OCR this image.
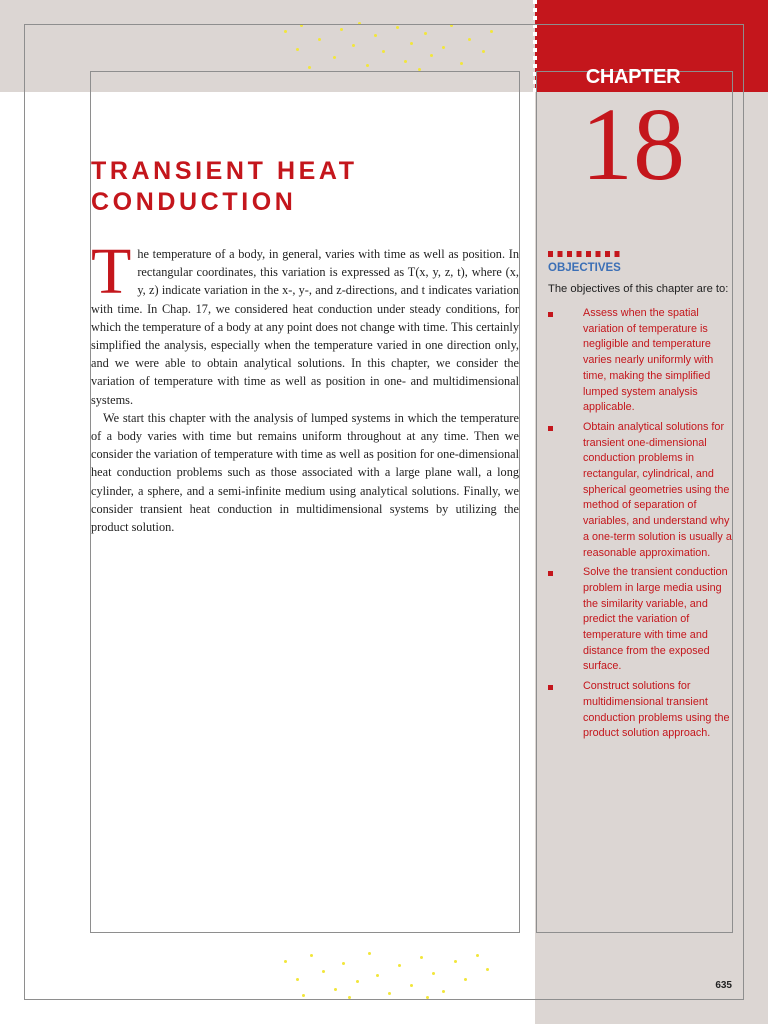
CHAPTER
18
TRANSIENT HEAT CONDUCTION
T he temperature of a body, in general, varies with time as well as position. In rectangular coordinates, this variation is expressed as T(x, y, z, t), where (x, y, z) indicate variation in the x-, y-, and z-directions, and t indicates variation with time. In Chap. 17, we considered heat conduction under steady conditions, for which the temperature of a body at any point does not change with time. This certainly simplified the analysis, especially when the temperature varied in one direction only, and we were able to obtain analytical solutions. In this chapter, we consider the variation of temperature with time as well as position in one- and multidimensional systems.

We start this chapter with the analysis of lumped systems in which the temperature of a body varies with time but remains uniform throughout at any time. Then we consider the variation of temperature with time as well as position for one-dimensional heat conduction problems such as those associated with a large plane wall, a long cylinder, a sphere, and a semi-infinite medium using analytical solutions. Finally, we consider transient heat conduction in multidimensional systems by utilizing the product solution.

OBJECTIVES
The objectives of this chapter are to:
Assess when the spatial variation of temperature is negligible and temperature varies nearly uniformly with time, making the simplified lumped system analysis applicable.
Obtain analytical solutions for transient one-dimensional conduction problems in rectangular, cylindrical, and spherical geometries using the method of separation of variables, and understand why a one-term solution is usually a reasonable approximation.
Solve the transient conduction problem in large media using the similarity variable, and predict the variation of temperature with time and distance from the exposed surface.
Construct solutions for multidimensional transient conduction problems using the product solution approach.
635
